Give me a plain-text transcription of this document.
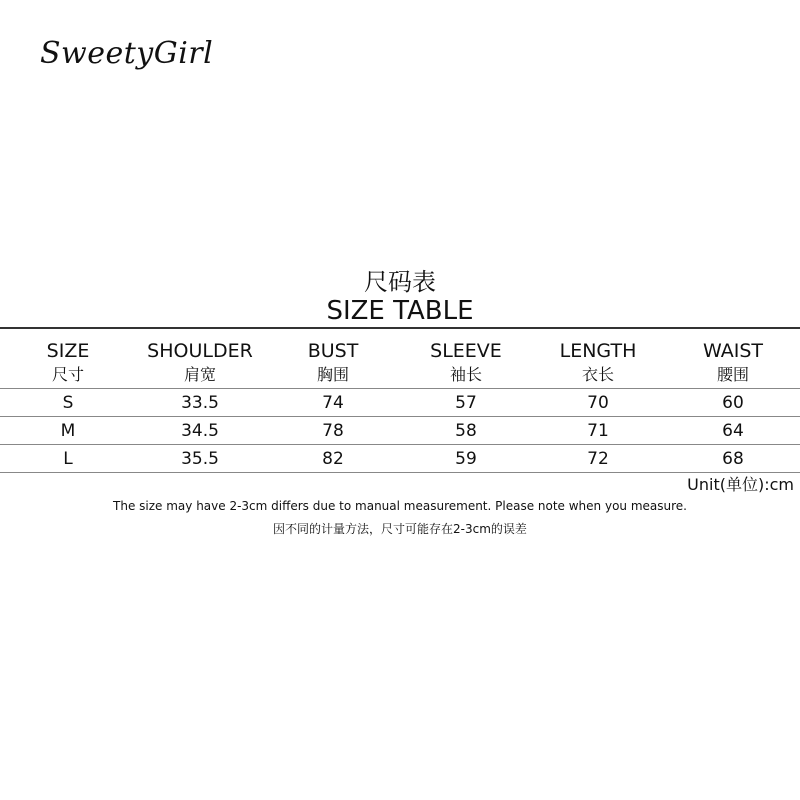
SweetyGirl
尺码表
SIZE TABLE
SIZE	SHOULDER	BUST	SLEEVE	LENGTH	WAIST
尺寸	肩宽	胸围	袖长	衣长	腰围
S	33.5	74	57	70	60
M	34.5	78	58	71	64
L	35.5	82	59	72	68
Unit(单位):cm
The size may have 2-3cm differs due to manual measurement. Please note when you measure.
因不同的计量方法，尺寸可能存在2-3cm的误差
